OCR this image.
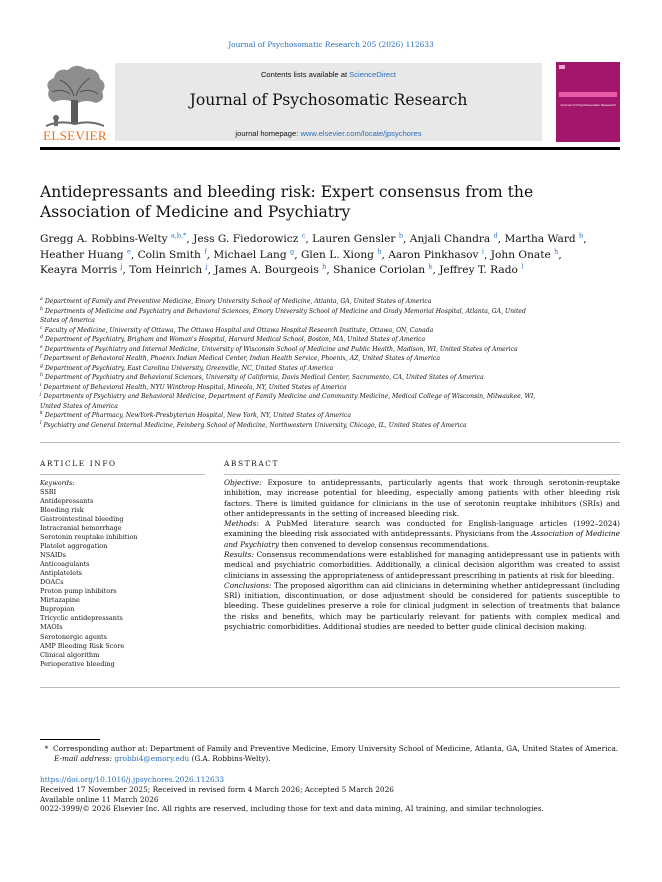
Journal of Psychosomatic Research 205 (2026) 112633
ELSEVIER
Contents lists available at ScienceDirect
Journal of Psychosomatic Research
journal homepage: www.elsevier.com/locate/jpsychores
Journal of Psychosomatic Research
Antidepressants and bleeding risk: Expert consensus from the Association of Medicine and Psychiatry
Gregg A. Robbins-Welty $^{a,b,*}$, Jess G. Fiedorowicz $^c$, Lauren Gensler $^b$, Anjali Chandra $^d$, Martha Ward $^b$, Heather Huang $^e$, Colin Smith $^f$, Michael Lang $^g$, Glen L. Xiong $^h$, Aaron Pinkhasov $^i$, John Onate $^h$, Keayra Morris $^j$, Tom Heinrich $^j$, James A. Bourgeois $^h$, Shanice Coriolan $^k$, Jeffrey T. Rado $^l$

$^a$ Department of Family and Preventive Medicine, Emory University School of Medicine, Atlanta, GA, United States of America

$^b$ Departments of Medicine and Psychiatry and Behavioral Sciences, Emory University School of Medicine and Grady Memorial Hospital, Atlanta, GA, United States of America

$^c$ Faculty of Medicine, University of Ottawa, The Ottawa Hospital and Ottawa Hospital Research Institute, Ottawa, ON, Canada

$^d$ Department of Psychiatry, Brigham and Woman's Hospital, Harvard Medical School, Boston, MA, United States of America

$^e$ Departments of Psychiatry and Internal Medicine, University of Wisconsin School of Medicine and Public Health, Madison, WI, United States of America

$^f$ Department of Behavioral Health, Phoenix Indian Medical Center, Indian Health Service, Phoenix, AZ, United States of America

$^g$ Department of Psychiatry, East Carolina University, Greenville, NC, United States of America

$^h$ Department of Psychiatry and Behavioral Sciences, University of California, Davis Medical Center, Sacramento, CA, United States of America

$^i$ Department of Behavioral Health, NYU Winthrop Hospital, Mineola, NY, United States of America

$^j$ Departments of Psychiatry and Behavioral Medicine, Department of Family Medicine and Community Medicine, Medical College of Wisconsin, Milwaukee, WI, United States of America

$^k$ Department of Pharmacy, NewYork-Presbyterian Hospital, New York, NY, United States of America

$^l$ Psychiatry and General Internal Medicine, Feinberg School of Medicine, Northwestern University, Chicago, IL, United States of America

ARTICLE INFO
Keywords:
SSRI
Antidepressants
Bleeding risk
Gastrointestinal bleeding
Intracranial hemorrhage
Serotonin reuptake inhibition
Platelet aggregation
NSAIDs
Anticoagulants
Antiplatelets
DOACs
Proton pump inhibitors
Mirtazapine
Bupropion
Tricyclic antidepressants
MAOIs
Serotonergic agents
AMP Bleeding Risk Score
Clinical algorithm
Perioperative bleeding
ABSTRACT

Objective: Exposure to antidepressants, particularly agents that work through serotonin-reuptake inhibition, may increase potential for bleeding, especially among patients with other bleeding risk factors. There is limited guidance for clinicians in the use of serotonin reuptake inhibitors (SRIs) and other antidepressants in the setting of increased bleeding risk.

Methods: A PubMed literature search was conducted for English-language articles (1992–2024) examining the bleeding risk associated with antidepressants. Physicians from the Association of Medicine and Psychiatry then convened to develop consensus recommendations.

Results: Consensus recommendations were established for managing antidepressant use in patients with medical and psychiatric comorbidities. Additionally, a clinical decision algorithm was created to assist clinicians in assessing the appropriateness of antidepressant prescribing in patients at risk for bleeding.

Conclusions: The proposed algorithm can aid clinicians in determining whether antidepressant (including SRI) initiation, discontinuation, or dose adjustment should be considered for patients susceptible to bleeding. These guidelines preserve a role for clinical judgment in selection of treatments that balance the risks and benefits, which may be particularly relevant for patients with complex medical and psychiatric comorbidities. Additional studies are needed to better guide clinical decision making.

* Corresponding author at: Department of Family and Preventive Medicine, Emory University School of Medicine, Atlanta, GA, United States of America.

E-mail address: grobbi4@emory.edu (G.A. Robbins-Welty).

https://doi.org/10.1016/j.jpsychores.2026.112633

Received 17 November 2025; Received in revised form 4 March 2026; Accepted 5 March 2026

Available online 11 March 2026

0022-3999/© 2026 Elsevier Inc. All rights are reserved, including those for text and data mining, AI training, and similar technologies.
